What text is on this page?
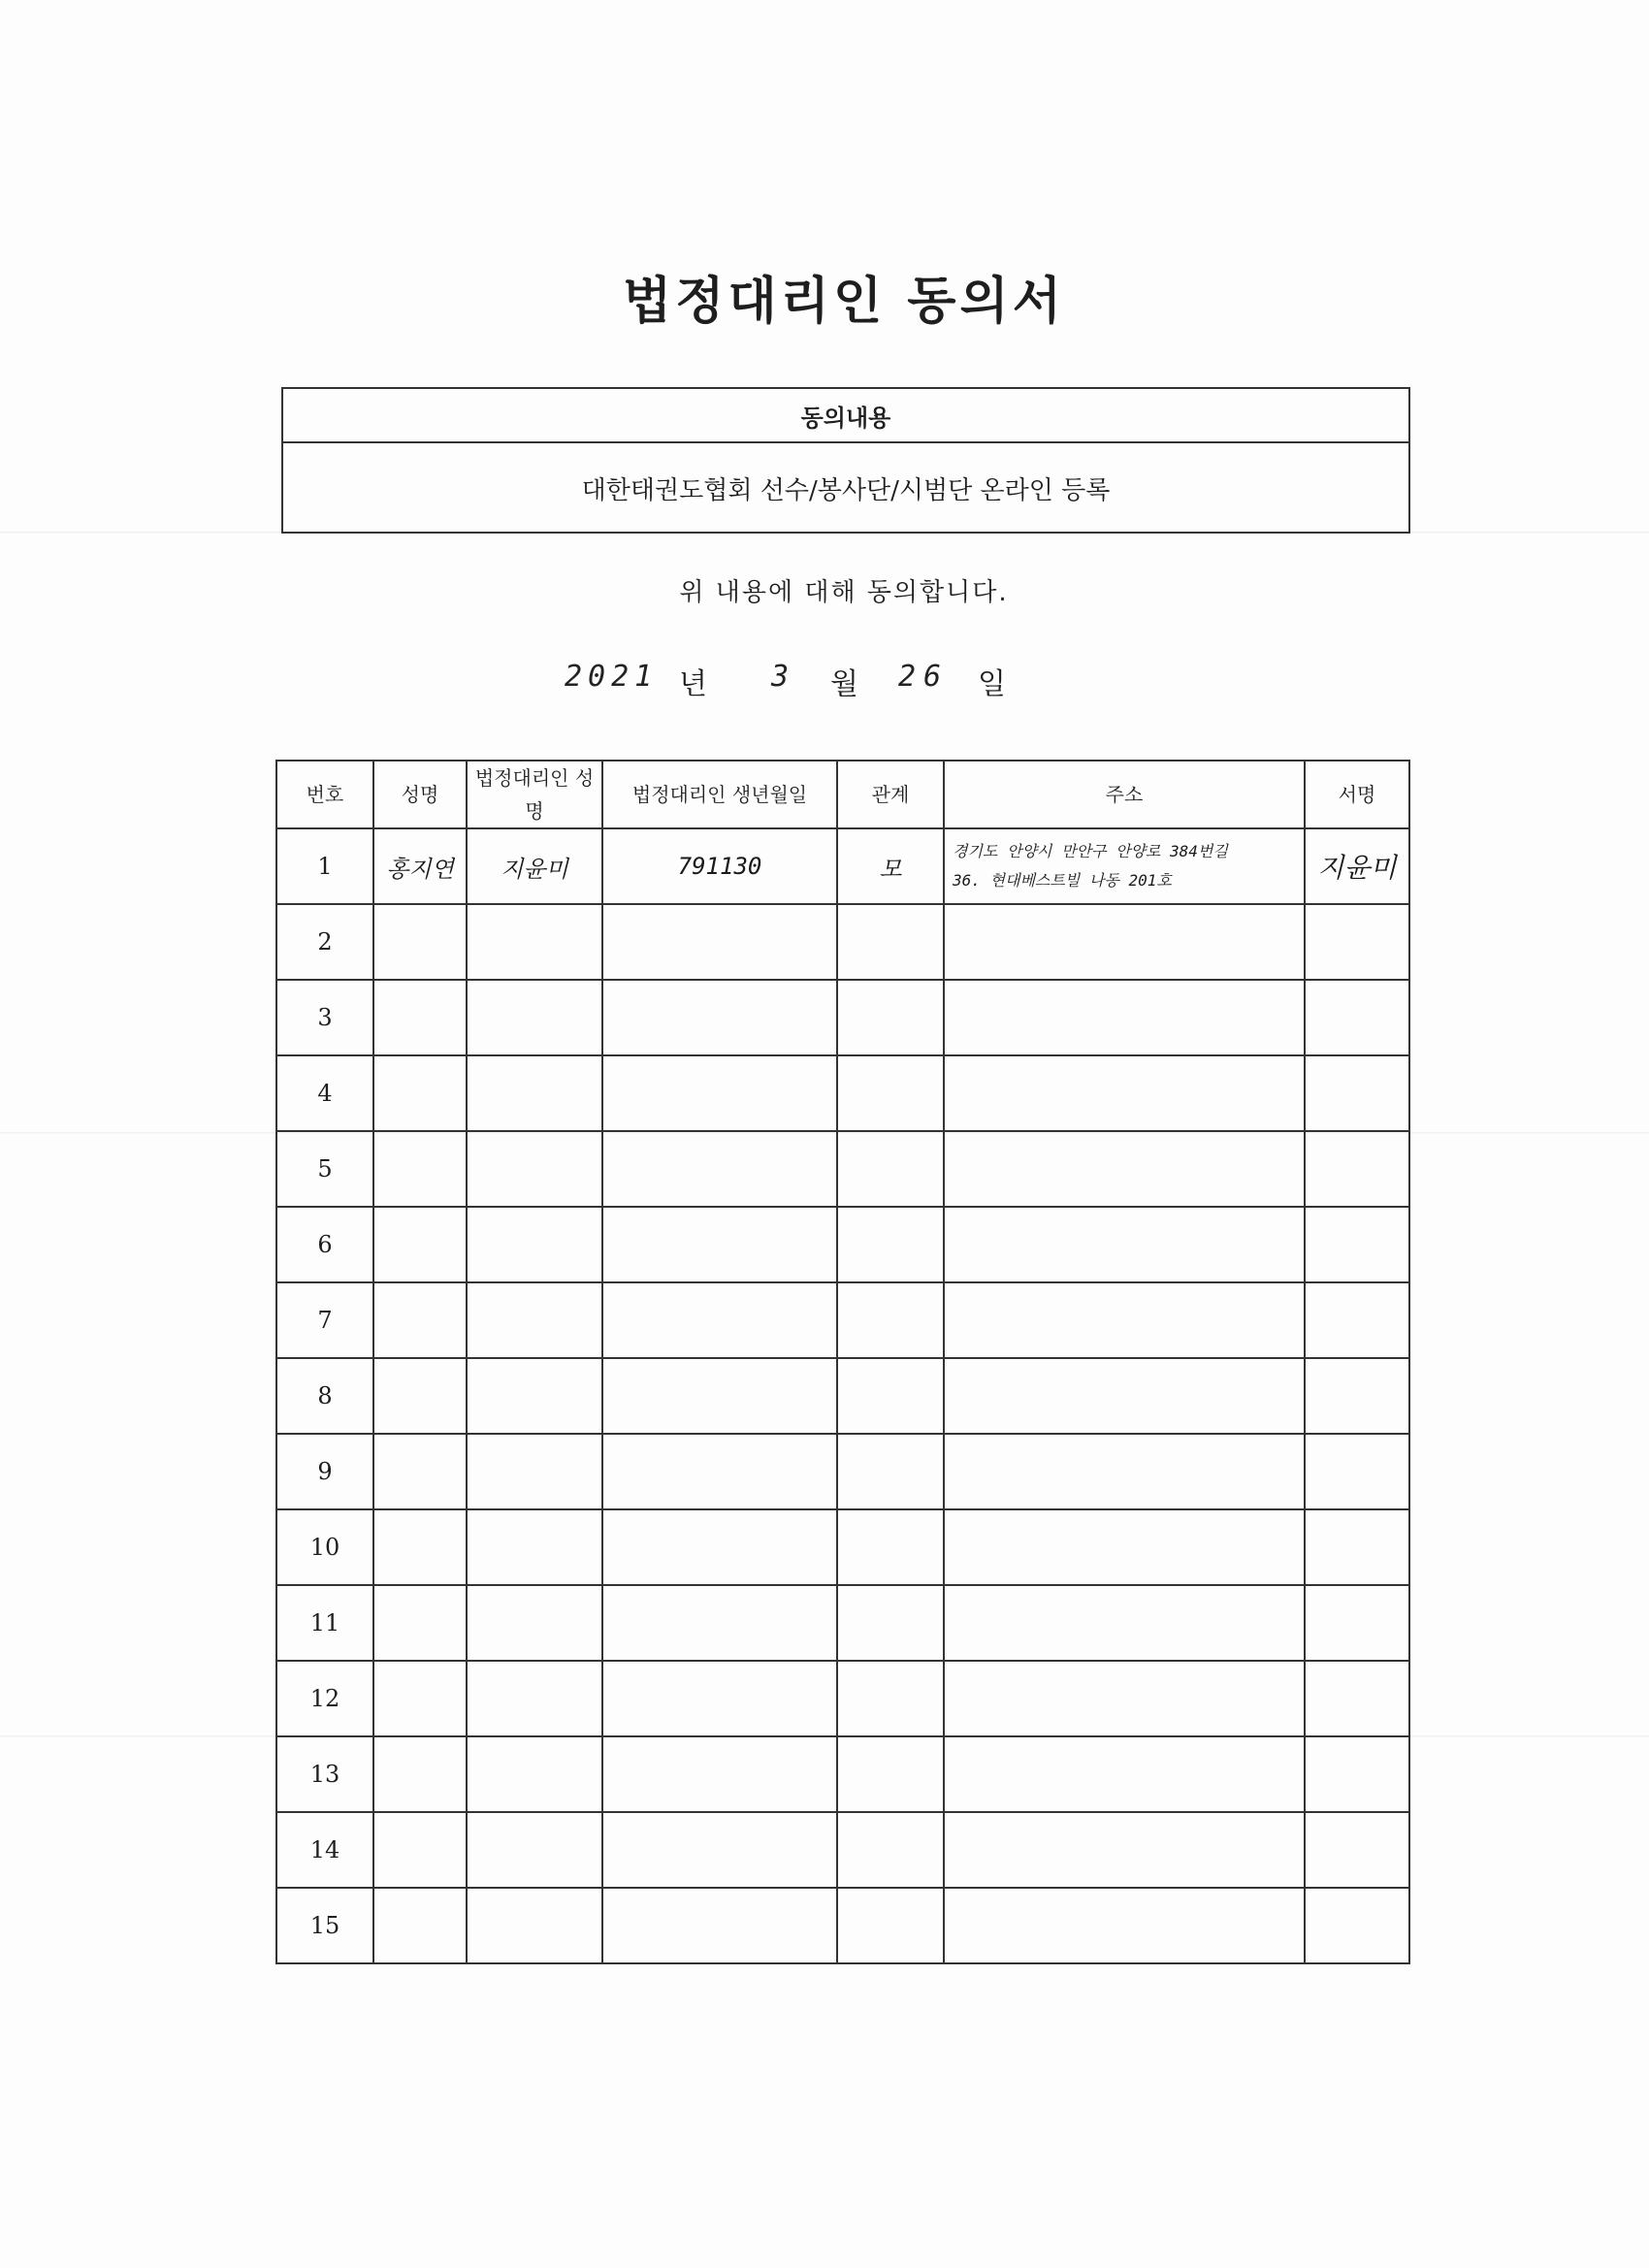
법정대리인 동의서
동의내용
대한태권도협회 선수/봉사단/시범단 온라인 등록
위 내용에 대해 동의합니다.
2021 년 3 월 26 일
번호	성명	법정대리인 성명	법정대리인 생년월일	관계	주소	서명
1	홍지연	지윤미	791130	모	경기도 안양시 만안구 안양로 384번길
36. 현대베스트빌 나동 201호	지윤미
2						
3						
4						
5						
6						
7						
8						
9						
10						
11						
12						
13						
14						
15						
